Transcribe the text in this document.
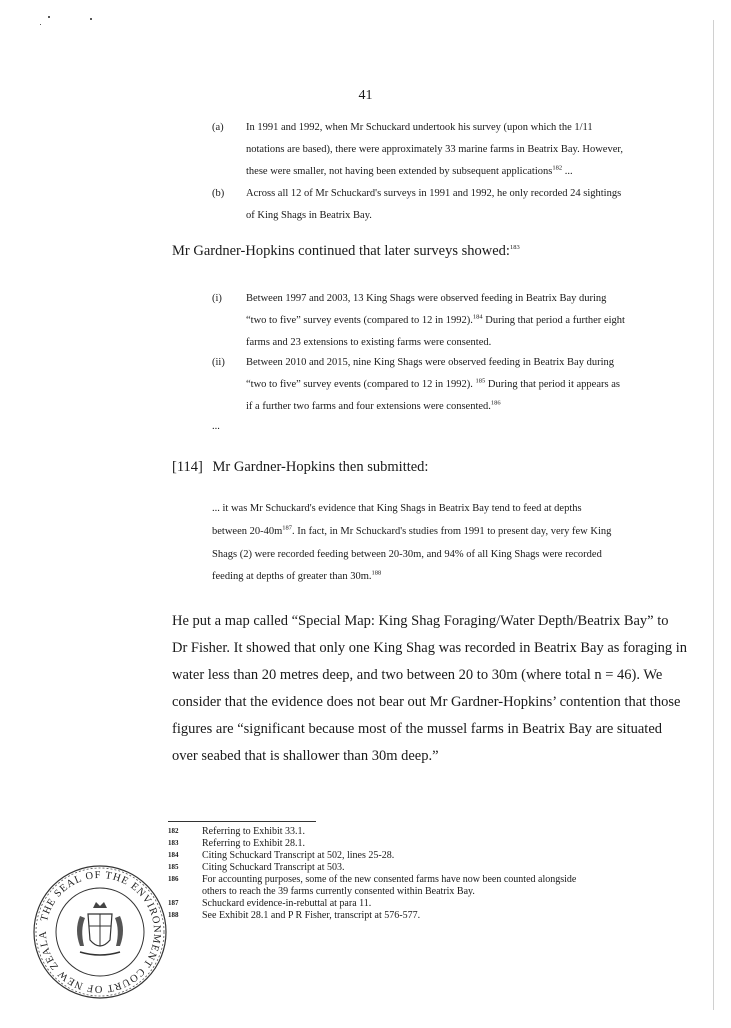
41
(a)	In 1991 and 1992, when Mr Schuckard undertook his survey (upon which the 1/11
notations are based), there were approximately 33 marine farms in Beatrix Bay. However,
these were smaller, not having been extended by subsequent applications$^{182}$ ...
(b)	Across all 12 of Mr Schuckard's surveys in 1991 and 1992, he only recorded 24 sightings
of King Shags in Beatrix Bay.
Mr Gardner-Hopkins continued that later surveys showed:$^{183}$
(i)	Between 1997 and 2003, 13 King Shags were observed feeding in Beatrix Bay during
“two to five” survey events (compared to 12 in 1992).$^{184}$ During that period a further eight
farms and 23 extensions to existing farms were consented.
(ii)	Between 2010 and 2015, nine King Shags were observed feeding in Beatrix Bay during
“two to five” survey events (compared to 12 in 1992). $^{185}$ During that period it appears as
if a further two farms and four extensions were consented.$^{186}$
...
[114] Mr Gardner-Hopkins then submitted:
... it was Mr Schuckard's evidence that King Shags in Beatrix Bay tend to feed at depths
between $20-40m^{187}$. In fact, in Mr Schuckard's studies from 1991 to present day, very few King
Shags (2) were recorded feeding between 20-30m, and 94% of all King Shags were recorded
feeding at depths of greater than 30m.$^{188}$
He put a map called “Special Map: King Shag Foraging/Water Depth/Beatrix Bay” to
Dr Fisher. It showed that only one King Shag was recorded in Beatrix Bay as foraging in
water less than 20 metres deep, and two between 20 to 30m (where total n = 46). We
consider that the evidence does not bear out Mr Gardner-Hopkins’ contention that those
figures are “significant because most of the mussel farms in Beatrix Bay are situated
over seabed that is shallower than 30m deep.”
182 Referring to Exhibit 33.1.
183 Referring to Exhibit 28.1.
184 Citing Schuckard Transcript at 502, lines 25-28.
185 Citing Schuckard Transcript at 503.
186 For accounting purposes, some of the new consented farms have now been counted alongside
others to reach the 39 farms currently consented within Beatrix Bay.
187 Schuckard evidence-in-rebuttal at para 11.
188 See Exhibit 28.1 and P R Fisher, transcript at 576-577.
THE SEAL OF THE ENVIRONMENT COURT OF NEW ZEALA
